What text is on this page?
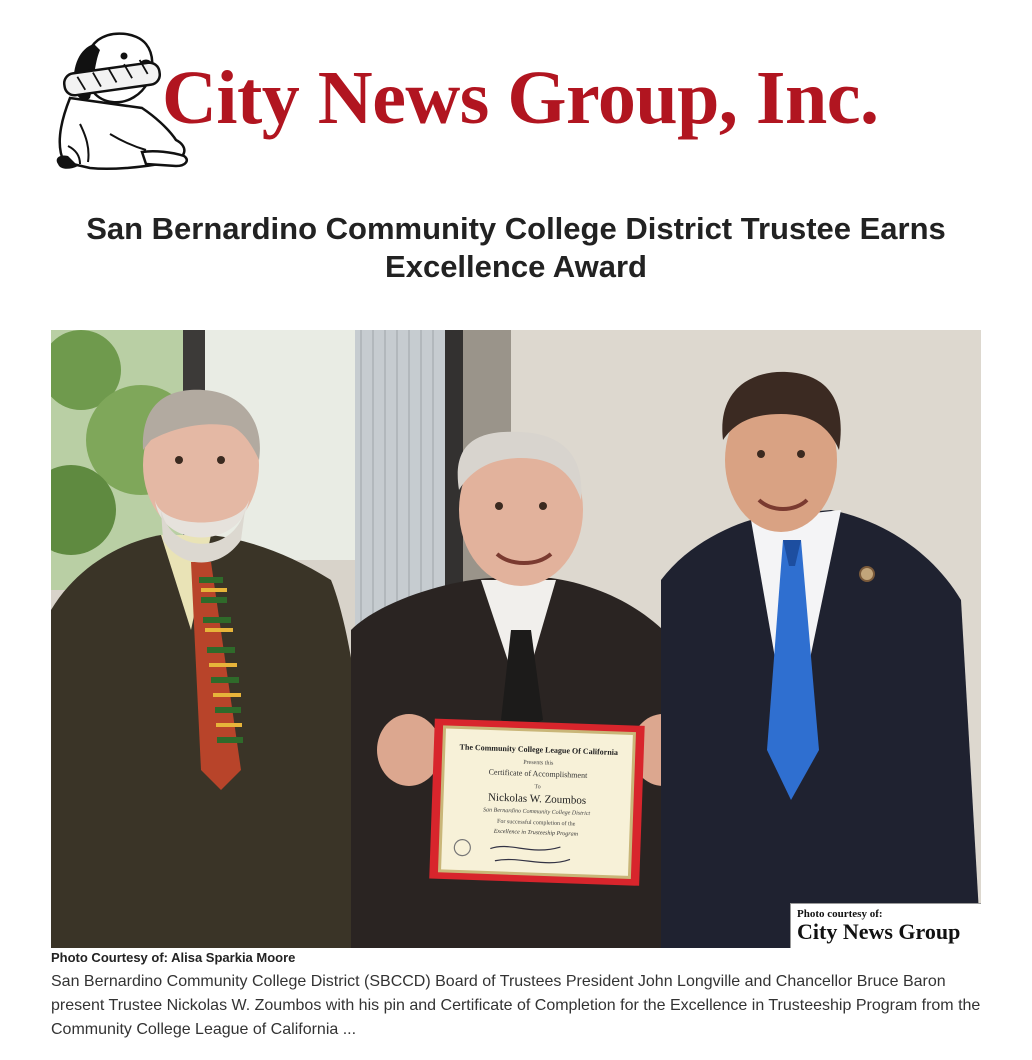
City News Group, Inc.
San Bernardino Community College District Trustee Earns
Excellence Award
The Community College League Of California
Presents this
Certificate of Accomplishment
To
Nickolas W. Zoumbos
San Bernardino Community College District
For successful completion of the
Excellence in Trusteeship Program
Photo courtesy of:
City News Group
Photo Courtesy of: Alisa Sparkia Moore

San Bernardino Community College District (SBCCD) Board of Trustees President John Longville and Chancellor Bruce Baron present Trustee Nickolas W. Zoumbos with his pin and Certificate of Completion for the Excellence in Trusteeship Program from the Community College League of California ...
